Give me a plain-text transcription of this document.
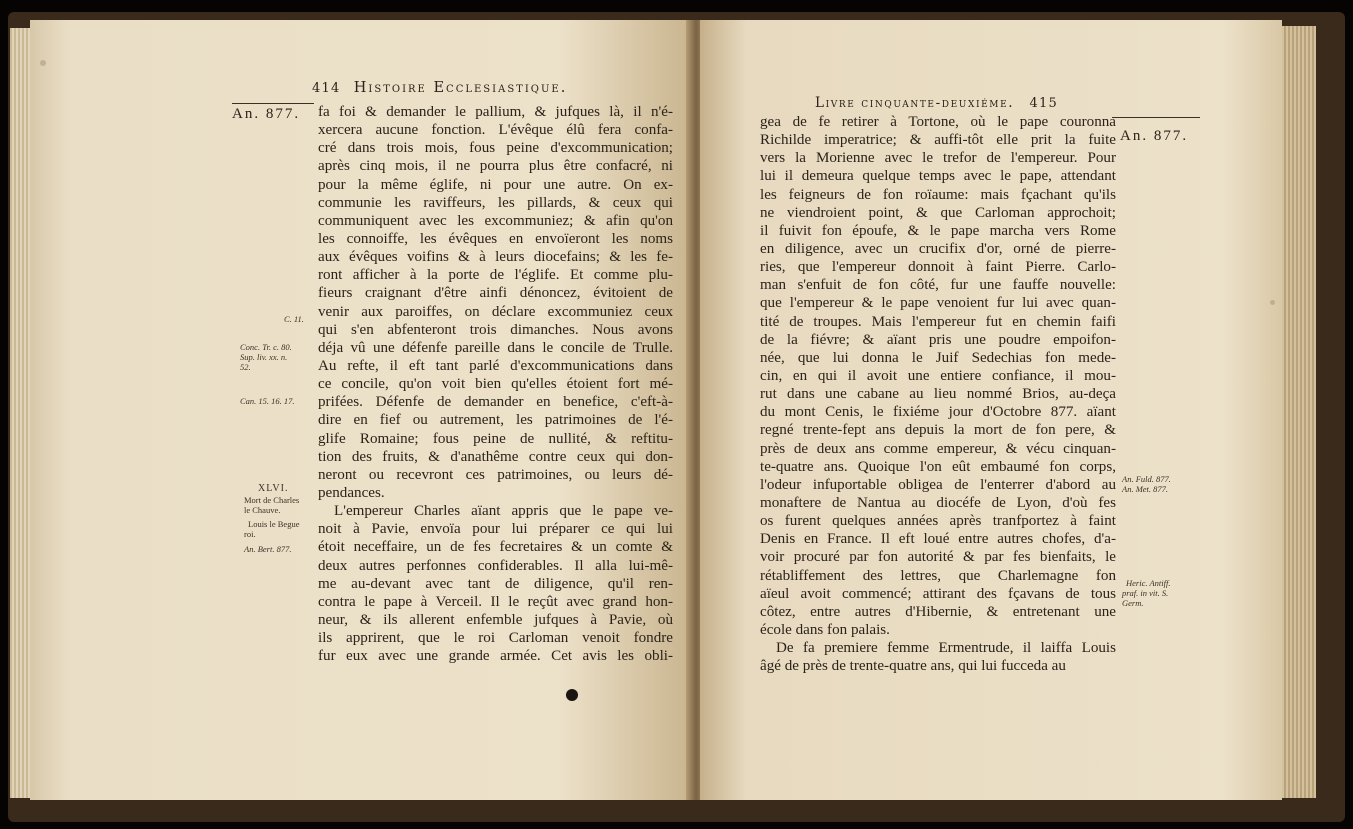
414 Histoire Ecclesiastique.
An. 877. fa foi & demander le pallium, & jufques là, il n'é-
xercera aucune fonction. L'évêque élû fera confa-
cré dans trois mois, fous peine d'excommunication;
après cinq mois, il ne pourra plus être confacré, ni
pour la même églife, ni pour une autre. On ex-
communie les raviffeurs, les pillards, & ceux qui
communiquent avec les excommuniez; & afin qu'on
les connoiffe, les évêques en envoïeront les noms
aux évêques voifins & à leurs diocefains; & les fe-
ront afficher à la porte de l'églife. Et comme plu-
fieurs craignant d'être ainfi dénoncez, évitoient de
venir aux paroiffes, on déclare excommuniez ceux
qui s'en abfenteront trois dimanches. Nous avons
déja vû une défenfe pareille dans le concile de Trulle.
Au refte, il eft tant parlé d'excommunications dans
ce concile, qu'on voit bien qu'elles étoient fort mé-
prifées. Défenfe de demander en benefice, c'eft-à-
dire en fief ou autrement, les patrimoines de l'é-
glife Romaine; fous peine de nullité, & reftitu-
tion des fruits, & d'anathême contre ceux qui don-
neront ou recevront ces patrimoines, ou leurs dé-
pendances.
L'empereur Charles aïant appris que le pape ve-
noit à Pavie, envoïa pour lui préparer ce qui lui
étoit neceffaire, un de fes fecretaires & un comte &
deux autres perfonnes confiderables. Il alla lui-mê-
me au-devant avec tant de diligence, qu'il ren-
contra le pape à Verceil. Il le reçût avec grand hon-
neur, & ils allerent enfemble jufques à Pavie, où
ils apprirent, que le roi Carloman venoit fondre
fur eux avec une grande armée. Cet avis les obli-
C. 11.
Conc. Tr. c. 80.
Sup. liv. xx. n.
52.
Can. 15. 16. 17.
XLVI.
Mort de Charles
le Chauve.
Louis le Begue
roi.
An. Bert. 877.
Livre cinquante-deuxiéme. 415
An. 877.
gea de fe retirer à Tortone, où le pape couronna
Richilde imperatrice; & auffi-tôt elle prit la fuite
vers la Morienne avec le trefor de l'empereur. Pour
lui il demeura quelque temps avec le pape, attendant
les feigneurs de fon roïaume: mais fçachant qu'ils
ne viendroient point, & que Carloman approchoit;
il fuivit fon époufe, & le pape marcha vers Rome
en diligence, avec un crucifix d'or, orné de pierre-
ries, que l'empereur donnoit à faint Pierre. Carlo-
man s'enfuit de fon côté, fur une fauffe nouvelle:
que l'empereur & le pape venoient fur lui avec quan-
tité de troupes. Mais l'empereur fut en chemin faifi
de la fiévre; & aïant pris une poudre empoifon-
née, que lui donna le Juif Sedechias fon mede-
cin, en qui il avoit une entiere confiance, il mou-
rut dans une cabane au lieu nommé Brios, au-deça
du mont Cenis, le fixiéme jour d'Octobre 877. aïant
regné trente-fept ans depuis la mort de fon pere, &
près de deux ans comme empereur, & vécu cinquan-
te-quatre ans. Quoique l'on eût embaumé fon corps,
l'odeur infuportable obligea de l'enterrer d'abord au
monaftere de Nantua au diocéfe de Lyon, d'où fes
os furent quelques années après tranfportez à faint
Denis en France. Il eft loué entre autres chofes, d'a-
voir procuré par fon autorité & par fes bienfaits, le
rétabliffement des lettres, que Charlemagne fon
aïeul avoit commencé; attirant des fçavans de tous
côtez, entre autres d'Hibernie, & entretenant une
école dans fon palais.
De fa premiere femme Ermentrude, il laiffa Louis
âgé de près de trente-quatre ans, qui lui fucceda au
An. Fuld. 877.
An. Met. 877.
Heric. Antiff.
praf. in vit. S.
Germ.
